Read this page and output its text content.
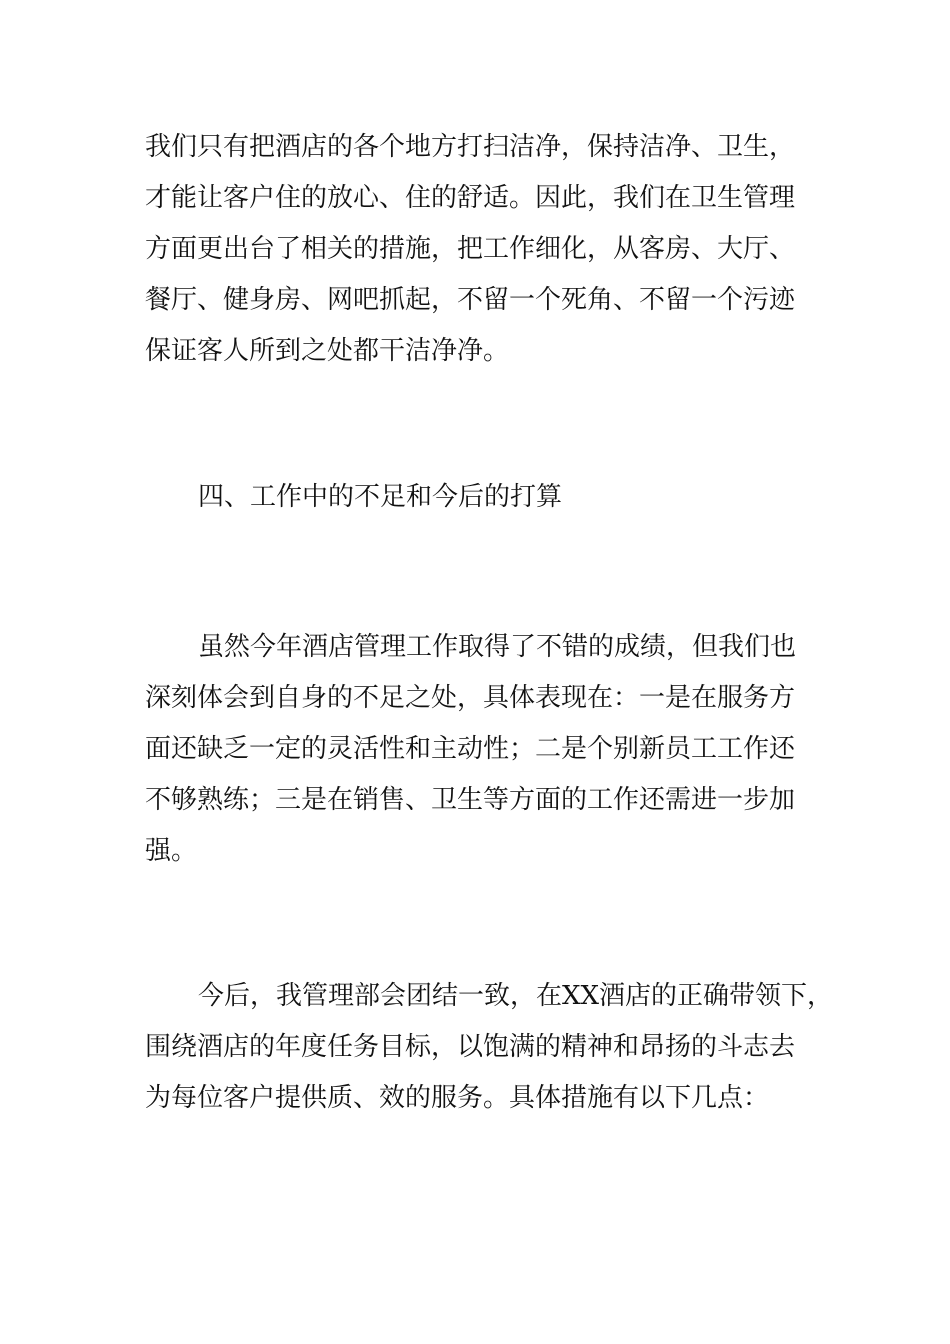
我们只有把酒店的各个地方打扫洁净，保持洁净、卫生，
才能让客户住的放心、住的舒适。因此，我们在卫生管理
方面更出台了相关的措施，把工作细化，从客房、大厅、
餐厅、健身房、网吧抓起，不留一个死角、不留一个污迹
保证客人所到之处都干洁净净。

四、工作中的不足和今后的打算

虽然今年酒店管理工作取得了不错的成绩，但我们也
深刻体会到自身的不足之处，具体表现在：一是在服务方
面还缺乏一定的灵活性和主动性；二是个别新员工工作还
不够熟练；三是在销售、卫生等方面的工作还需进一步加
强。

今后，我管理部会团结一致，在XX酒店的正确带领下，
围绕酒店的年度任务目标，以饱满的精神和昂扬的斗志去
为每位客户提供质、效的服务。具体措施有以下几点：
